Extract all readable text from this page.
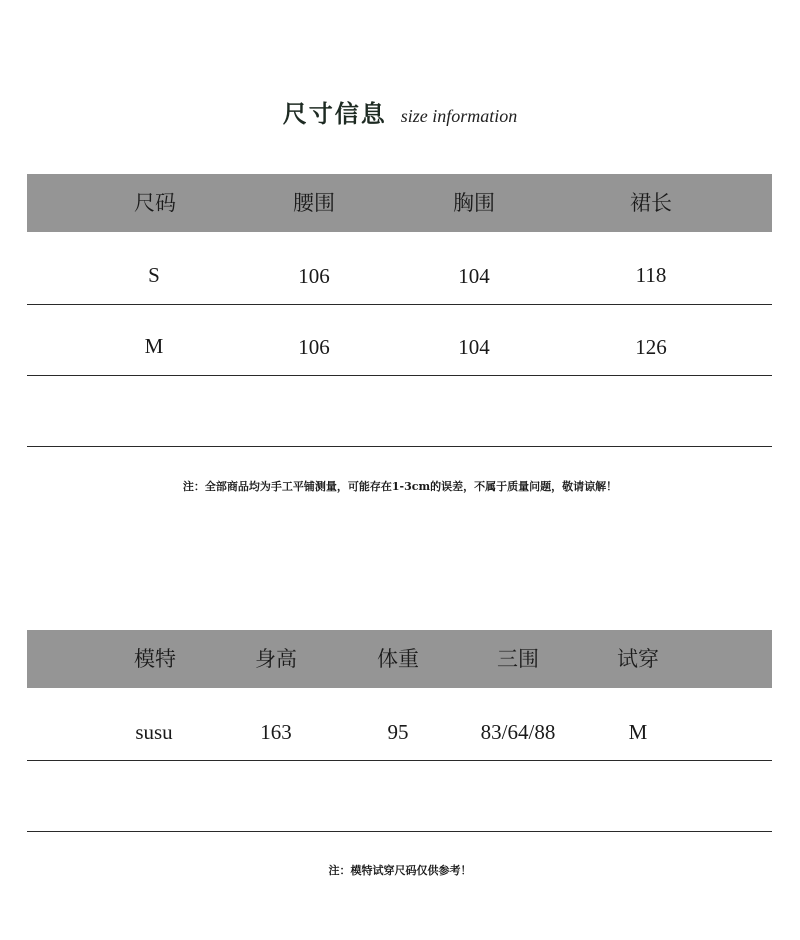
尺寸信息 size information
尺码	腰围	胸围	裙长
S	106	104	118
M	106	104	126
注：全部商品均为手工平铺测量，可能存在1-3cm的误差，不属于质量问题，敬请谅解！
模特	身高	体重	三围	试穿
susu	163	95	83/64/88	M
注：模特试穿尺码仅供参考！
